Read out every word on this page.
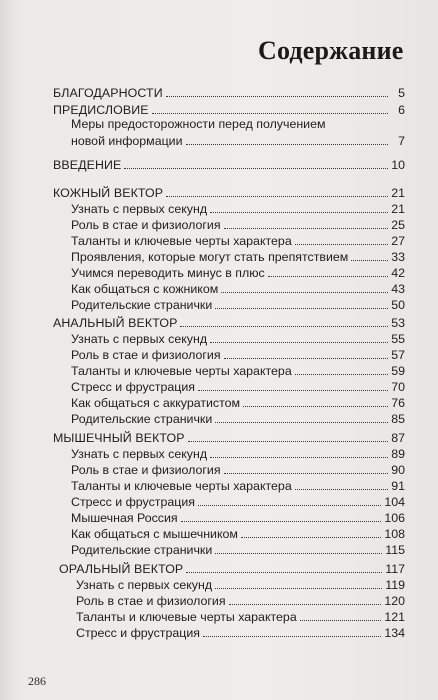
Содержание
БЛАГОДАРНОСТИ	5
ПРЕДИСЛОВИЕ	6
Меры предосторожности перед получением
новой информации	7
ВВЕДЕНИЕ	10
КОЖНЫЙ ВЕКТОР	21
Узнать с первых секунд	21
Роль в стае и физиология	25
Таланты и ключевые черты характера	27
Проявления, которые могут стать препятствием	33
Учимся переводить минус в плюс	42
Как общаться с кожником	43
Родительские странички	50
АНАЛЬНЫЙ ВЕКТОР	53
Узнать с первых секунд	55
Роль в стае и физиология	57
Таланты и ключевые черты характера	59
Стресс и фрустрация	70
Как общаться с аккуратистом	76
Родительские странички	85
МЫШЕЧНЫЙ ВЕКТОР	87
Узнать с первых секунд	89
Роль в стае и физиология	90
Таланты и ключевые черты характера	91
Стресс и фрустрация	104
Мышечная Россия	106
Как общаться с мышечником	108
Родительские странички	115
ОРАЛЬНЫЙ ВЕКТОР	117
Узнать с первых секунд	119
Роль в стае и физиология	120
Таланты и ключевые черты характера	121
Стресс и фрустрация	134
286
